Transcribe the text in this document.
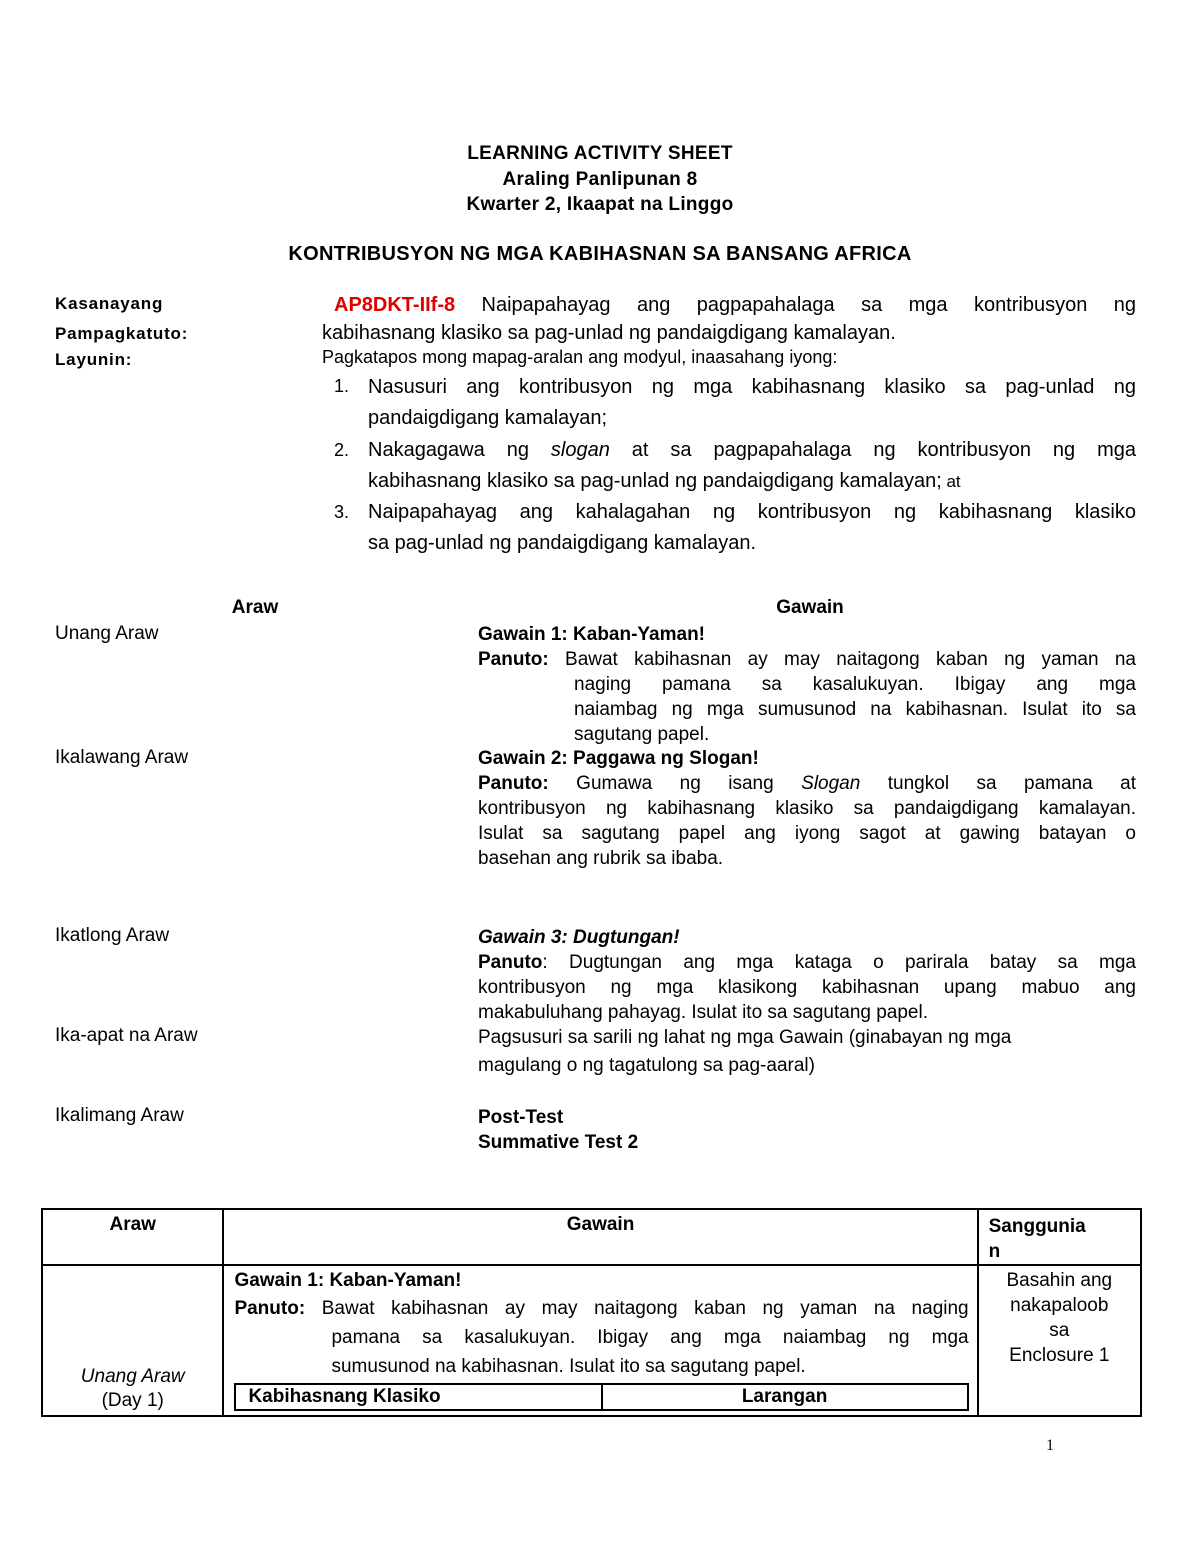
LEARNING ACTIVITY SHEET
Araling Panlipunan 8
Kwarter 2, Ikaapat na Linggo
KONTRIBUSYON NG MGA KABIHASNAN SA BANSANG AFRICA
Kasanayang
Pampagkatuto:
AP8DKT-IIf-8 Naipapahayag ang pagpapahalaga sa mga kontribusyon ng
kabihasnang klasiko sa pag-unlad ng pandaigdigang kamalayan.
Layunin:	Pagkatapos mong mapag-aralan ang modyul, inaasahang iyong:
1. Nasusuri ang kontribusyon ng mga kabihasnang klasiko sa pag-unlad ng
pandaigdigang kamalayan;
2. Nakagagawa ng slogan at sa pagpapahalaga ng kontribusyon ng mga
kabihasnang klasiko sa pag-unlad ng pandaigdigang kamalayan; at
3. Naipapahayag ang kahalagahan ng kontribusyon ng kabihasnang klasiko
sa pag-unlad ng pandaigdigang kamalayan.
Araw	Gawain
Unang Araw	Gawain 1: Kaban-Yaman!
Panuto: Bawat kabihasnan ay may naitagong kaban ng yaman na
naging pamana sa kasalukuyan. Ibigay ang mga
naiambag ng mga sumusunod na kabihasnan. Isulat ito sa
sagutang papel.
Ikalawang Araw	Gawain 2: Paggawa ng Slogan!
Panuto: Gumawa ng isang Slogan tungkol sa pamana at
kontribusyon ng kabihasnang klasiko sa pandaigdigang kamalayan.
Isulat sa sagutang papel ang iyong sagot at gawing batayan o
basehan ang rubrik sa ibaba.
Ikatlong Araw	Gawain 3: Dugtungan!
Panuto: Dugtungan ang mga kataga o parirala batay sa mga
kontribusyon ng mga klasikong kabihasnan upang mabuo ang
makabuluhang pahayag. Isulat ito sa sagutang papel.
Ika-apat na Araw	Pagsusuri sa sarili ng lahat ng mga Gawain (ginabayan ng mga
magulang o ng tagatulong sa pag-aaral)
Ikalimang Araw	Post-Test
Summative Test 2
Araw	Gawain	Sanggunia
n

Unang Araw
(Day 1)

Gawain 1: Kaban-Yaman!
Panuto: Bawat kabihasnan ay may naitagong kaban ng yaman na naging
pamana sa kasalukuyan. Ibigay ang mga naiambag ng mga
sumusunod na kabihasnan. Isulat ito sa sagutang papel.
Kabihasnang Klasiko	Larangan

Basahin ang
nakapaloob
sa
Enclosure 1
1
